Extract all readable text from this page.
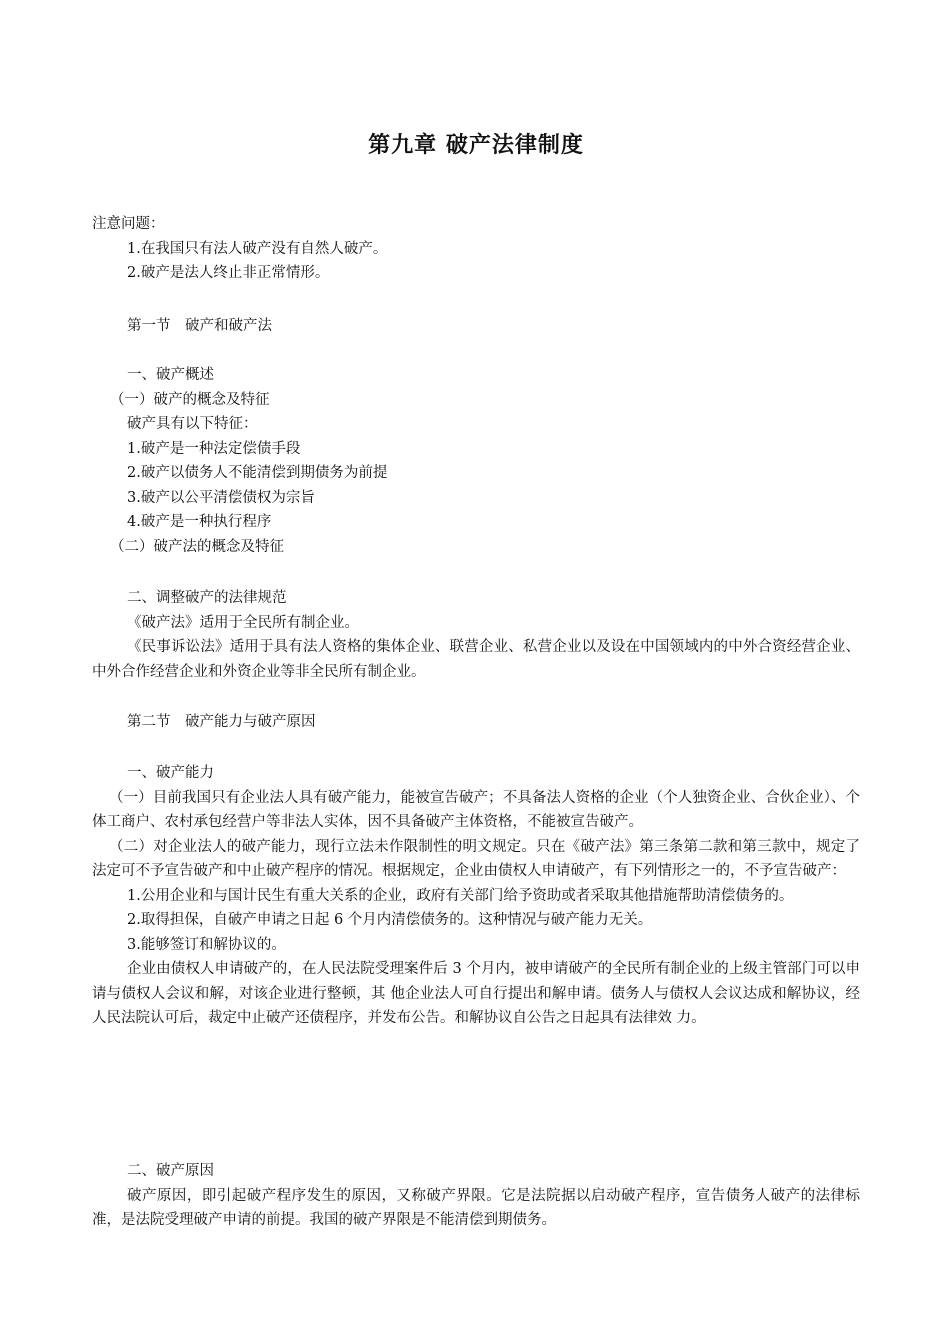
第九章 破产法律制度

注意问题：

1.在我国只有法人破产没有自然人破产。

2.破产是法人终止非正常情形。

第一节　破产和破产法

一、破产概述

（一）破产的概念及特征

破产具有以下特征：

1.破产是一种法定偿债手段

2.破产以债务人不能清偿到期债务为前提

3.破产以公平清偿债权为宗旨

4.破产是一种执行程序

（二）破产法的概念及特征

二、调整破产的法律规范

《破产法》适用于全民所有制企业。

《民事诉讼法》适用于具有法人资格的集体企业、联营企业、私营企业以及设在中国领域内的中外合资经营企业、中外合作经营企业和外资企业等非全民所有制企业。

第二节　破产能力与破产原因

一、破产能力

（一）目前我国只有企业法人具有破产能力，能被宣告破产；不具备法人资格的企业（个人独资企业、合伙企业）、个体工商户、农村承包经营户等非法人实体，因不具备破产主体资格，不能被宣告破产。

（二）对企业法人的破产能力，现行立法未作限制性的明文规定。只在《破产法》第三条第二款和第三款中，规定了法定可不予宣告破产和中止破产程序的情况。根据规定，企业由债权人申请破产，有下列情形之一的，不予宣告破产：

1.公用企业和与国计民生有重大关系的企业，政府有关部门给予资助或者采取其他措施帮助清偿债务的。

2.取得担保，自破产申请之日起 6 个月内清偿债务的。这种情况与破产能力无关。

3.能够签订和解协议的。

企业由债权人申请破产的，在人民法院受理案件后 3 个月内，被申请破产的全民所有制企业的上级主管部门可以申请与债权人会议和解，对该企业进行整顿，其 他企业法人可自行提出和解申请。债务人与债权人会议达成和解协议，经人民法院认可后，裁定中止破产还债程序，并发布公告。和解协议自公告之日起具有法律效 力。

二、破产原因

破产原因，即引起破产程序发生的原因，又称破产界限。它是法院据以启动破产程序，宣告债务人破产的法律标准，是法院受理破产申请的前提。我国的破产界限是不能清偿到期债务。
